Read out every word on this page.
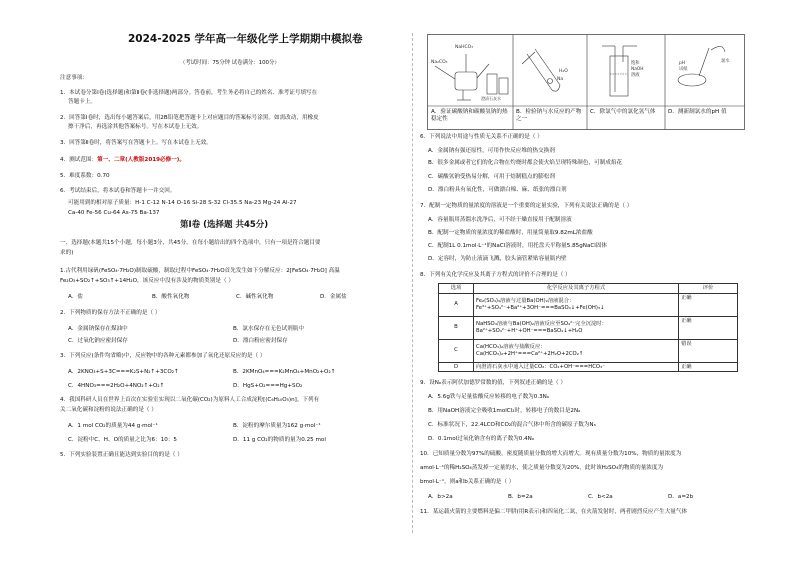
2024-2025 学年高一年级化学上学期期中模拟卷
（考试时间：75分钟 试卷满分：100分）
注意事项：
1．本试卷分第Ⅰ卷(选择题)和第Ⅱ卷(非选择题)两部分。答卷前，考生务必将自己的姓名、准考证号填写在
答题卡上。
2．回答第Ⅰ卷时，选出每小题答案后，用2B铅笔把答题卡上对应题目的答案标号涂黑。如需改动，用橡皮
擦干净后，再选涂其他答案标号。写在本试卷上无效。
3．回答第Ⅱ卷时，将答案写在答题卡上。写在本试卷上无效。
4．测试范围：第一、二章(人教版2019必修一)。
5．难度系数：0.70
6．考试结束后，将本试卷和答题卡一并交回。
可能用到的相对原子质量：H-1 C-12 N-14 O-16 Si-28 S-32 Cl-35.5 Na-23 Mg-24 Al-27
Ca-40 Fe-56 Cu-64 As-75 Ba-137
第Ⅰ卷 (选择题 共45分)
一、选择题(本题共15个小题，每小题3分，共45分。在每小题给出的四个选项中，只有一项是符合题目要
求的)
1.古代利用绿矾(FeSO₄·7H₂O)制取硫酸，制取过程中FeSO₄·7H₂O首先发生如下分解反应：2[FeSO₄·7H₂O] 高温
Fe₂O₃+SO₂↑+SO₃↑+14H₂O，该反应中没有涉及的物质类别是（ ）
A．盐	B．酸性氧化物	C．碱性氧化物	D．金属盐
2．下列物质的保存方法不正确的是（ ）
A．金属钠保存在煤油中	B．氯水保存在无色试剂瓶中
C．过氧化钠应密封保存	D．漂白粉应密封保存
3．下列反应(条件均省略)中，反应物中的各种元素都参加了氧化还原反应的是（ ）
A．2KNO₃+S+3C===K₂S+N₂↑+3CO₂↑	B．2KMnO₄===K₂MnO₄+MnO₂+O₂↑
C．4HNO₃===2H₂O+4NO₂↑+O₂↑	D．HgS+O₂===Hg+SO₂
4．我国科研人员在世界上首次在实验室实现以二氧化碳(CO₂)为原料人工合成淀粉[(C₆H₁₀O₅)n]。下列有
关二氧化碳和淀粉的说法正确的是（ ）
A．1 mol CO₂的质量为44 g·mol⁻¹	B．淀粉的摩尔质量为162 g·mol⁻¹
C．淀粉中C、H、O的质量之比为6：10：5	D．11 g CO₂的物质的量为0.25 mol
5．下列实验装置正确且能达到实验目的的是（ ）
Na₂CO₃
NaHCO₃
澄清石灰水
H₂O
Na
饱和
NaOH
溶液
pH
试纸
氯水
A．验证碳酸钠和碳酸氢钠的热稳定性
B．检验钠与水反应的产物之一
C．除氯气中的氯化氢气体	D．测新制氯水的pH 值
6．下列说法中用途与性质无关系不正确的是（ ）
A．金属钠有强还原性，可用作快反应堆的热交换剂
B．很多金属或者它们的化合物在灼烧时都会使火焰呈现特殊颜色，可制成焰花
C．碳酸氢钠受热易分解，可用于焙制糕点的膨松剂
D．漂白粉具有氧化性，可做漂白棉、麻、纸张的漂白剂
7．配制一定物质的量浓度的溶液是一个重要的定量实验，下列有关说法正确的是（ ）
A．容量瓶用蒸馏水洗净后，可不经干燥直接用于配制溶液
B．配制一定物质的量浓度的稀盐酸时，用量筒量取9.82mL浓盐酸
C．配制1L 0.1mol·L⁻¹的NaCl溶液时，用托盘天平称量5.85gNaCl固体
D．定容时，为防止液滴飞溅，胶头滴管紧贴容量瓶内壁
8．下列有关化学反应及其离子方程式的评价不合理的是（ ）
选项	化学反应及其离子方程式	评价
A	Fe₂(SO₄)₃溶液与过量Ba(OH)₂溶液混合：
Fe³⁺+SO₄²⁻+Ba²⁺+3OH⁻===BaSO₄↓+Fe(OH)₃↓	正确
B	NaHSO₄溶液与Ba(OH)₂溶液反应至SO₄²⁻完全沉淀时：
Ba²⁺+SO₄²⁻+H⁺+OH⁻===BaSO₄↓+H₂O	正确
C	Ca(HCO₃)₂溶液与盐酸反应：
Ca(HCO₃)₂+2H⁺===Ca²⁺+2H₂O+2CO₂↑	错误
D	向澄清石灰水中通入过量CO₂：CO₂+OH⁻===HCO₃⁻	正确
9．设Nₐ表示阿伏加德罗常数的值，下列叙述正确的是（ ）
A．5.6g铁与足量盐酸反应转移的电子数为0.3Nₐ
B．用NaOH溶液完全吸收1molCl₂时，转移电子的数目是2Nₐ
C．标准状况下，22.4LCO和CO₂的混合气体中所含的碳原子数为Nₐ
D．0.1mol过氧化钠含有的离子数为0.4Nₐ
10．已知质量分数为97%的硫酸，密度随质量分数的增大而增大。现有质量分数为10%，物质的量浓度为
amol·L⁻¹的稀H₂SO₄蒸发掉一定量的水，使之质量分数变为20%，此时该H₂SO₄的物质的量浓度为
bmol·L⁻¹，则a和b关系正确的是（ ）
A．b>2a	B．b=2a	C．b<2a	D．a=2b
11．某运载火箭的主要燃料是偏二甲肼(用R表示)和四氧化二氮，在火箭发射时，两者剧烈反应产生大量气体
